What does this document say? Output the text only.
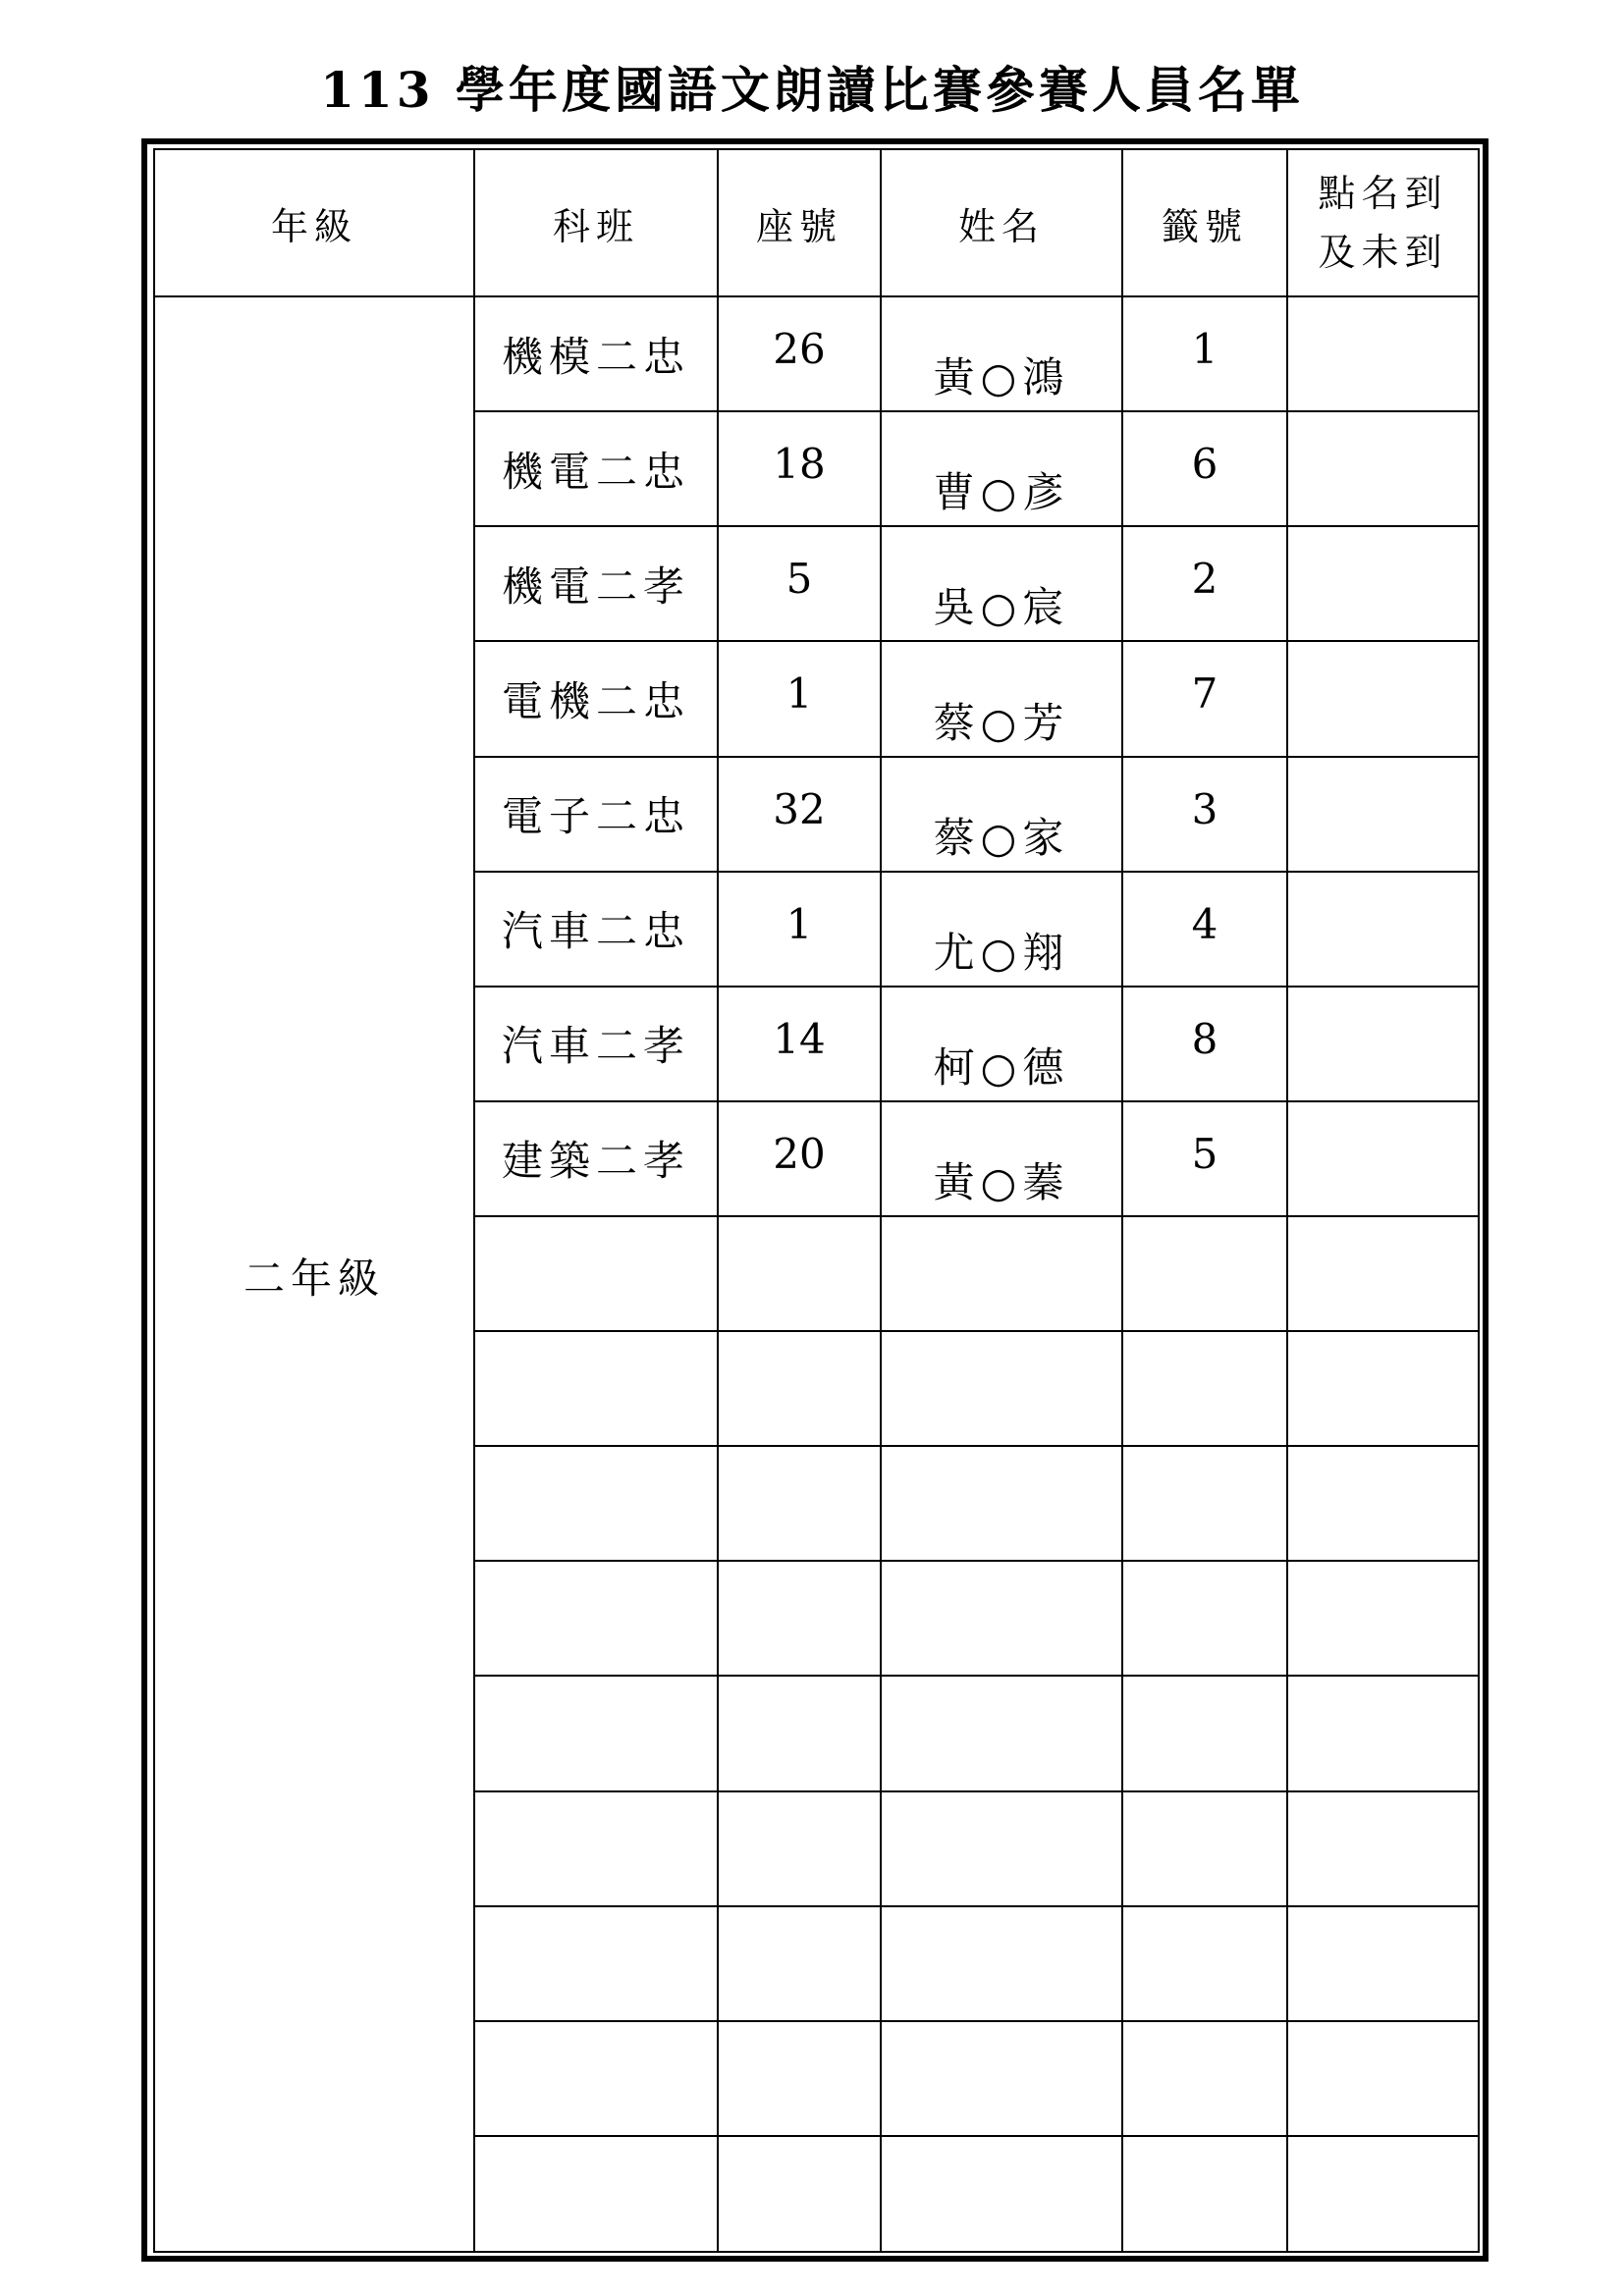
113 學年度國語文朗讀比賽參賽人員名單
年級	科班	座號	姓名	籤號	點名到
及未到

二年級	機模二忠	26	黃○鴻	1	
	機電二忠	18	曹○彥	6	
	機電二孝	5	吳○宸	2	
	電機二忠	1	蔡○芳	7	
	電子二忠	32	蔡○家	3	
	汽車二忠	1	尤○翔	4	
	汽車二孝	14	柯○德	8	
	建築二孝	20	黃○蓁	5	
